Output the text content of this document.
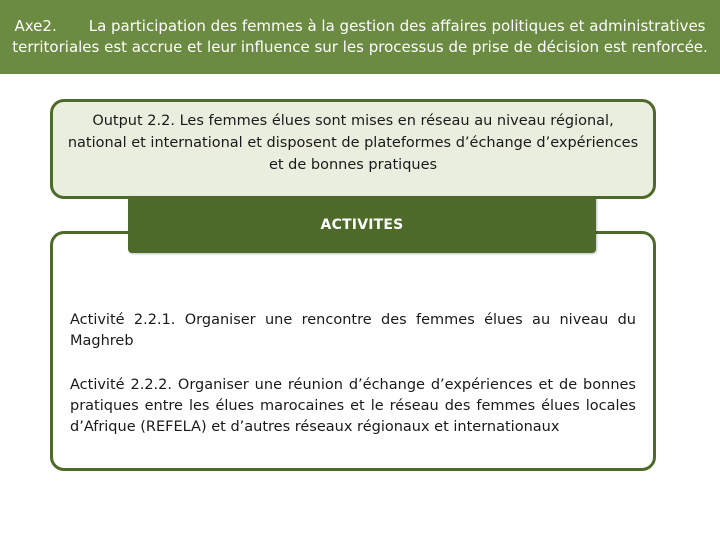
Axe2. La participation des femmes à la gestion des affaires politiques et administratives
territoriales est accrue et leur influence sur les processus de prise de décision est renforcée.
Output 2.2. Les femmes élues sont mises en réseau au niveau régional, national et international et disposent de plateformes d’échange d’expériences et de bonnes pratiques
ACTIVITES
Activité 2.2.1. Organiser une rencontre des femmes élues au niveau du Maghreb
Activité 2.2.2. Organiser une réunion d’échange d’expériences et de bonnes pratiques entre les élues marocaines et le réseau des femmes élues locales d’Afrique (REFELA) et d’autres réseaux régionaux et internationaux
